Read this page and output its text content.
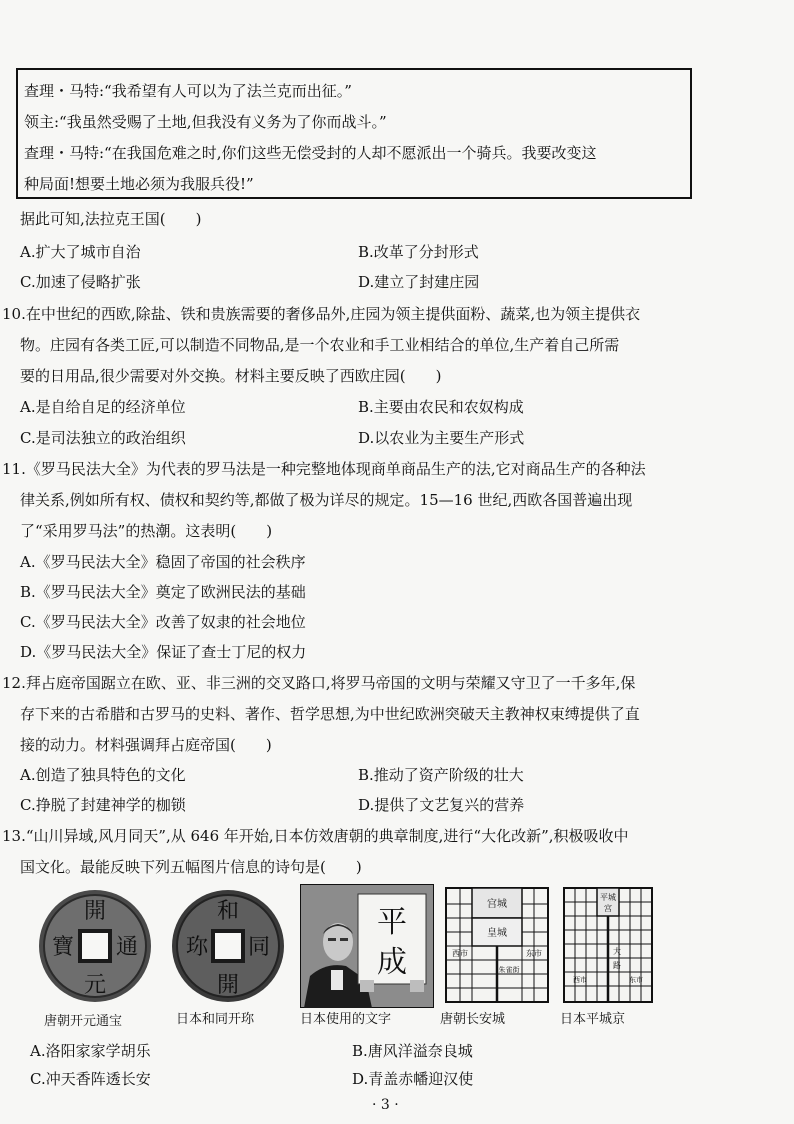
查理・马特:“我希望有人可以为了法兰克而出征。”
领主:“我虽然受赐了土地,但我没有义务为了你而战斗。”
查理・马特:“在我国危难之时,你们这些无偿受封的人却不愿派出一个骑兵。我要改变这
种局面!想要土地必须为我服兵役!”
据此可知,法拉克王国(　　)
A.扩大了城市自治	B.改革了分封形式
C.加速了侵略扩张	D.建立了封建庄园
10.在中世纪的西欧,除盐、铁和贵族需要的奢侈品外,庄园为领主提供面粉、蔬菜,也为领主提供衣
物。庄园有各类工匠,可以制造不同物品,是一个农业和手工业相结合的单位,生产着自己所需
要的日用品,很少需要对外交换。材料主要反映了西欧庄园(　　)
A.是自给自足的经济单位	B.主要由农民和农奴构成
C.是司法独立的政治组织	D.以农业为主要生产形式
11.《罗马民法大全》为代表的罗马法是一种完整地体现商单商品生产的法,它对商品生产的各种法
律关系,例如所有权、债权和契约等,都做了极为详尽的规定。15—16 世纪,西欧各国普遍出现
了“采用罗马法”的热潮。这表明(　　)
A.《罗马民法大全》稳固了帝国的社会秩序
B.《罗马民法大全》奠定了欧洲民法的基础
C.《罗马民法大全》改善了奴隶的社会地位
D.《罗马民法大全》保证了查士丁尼的权力
12.拜占庭帝国踞立在欧、亚、非三洲的交叉路口,将罗马帝国的文明与荣耀又守卫了一千多年,保
存下来的古希腊和古罗马的史料、著作、哲学思想,为中世纪欧洲突破天主教神权束缚提供了直
接的动力。材料强调拜占庭帝国(　　)
A.创造了独具特色的文化	B.推动了资产阶级的壮大
C.挣脱了封建神学的枷锁	D.提供了文艺复兴的营养
13.“山川异域,风月同天”,从 646 年开始,日本仿效唐朝的典章制度,进行“大化改新”,积极吸收中
国文化。最能反映下列五幅图片信息的诗句是(　　)
開
元
通
寶
唐朝开元通宝
和
同
開
珎
日本和同开珎
平
成
日本使用的文字
宫城
皇城
东市
西市
朱雀街
唐朝长安城
平城
宫
大
路
东市
西市
日本平城京
A.洛阳家家学胡乐	B.唐风洋溢奈良城
C.冲天香阵透长安	D.青盖赤幡迎汉使
· 3 ·
